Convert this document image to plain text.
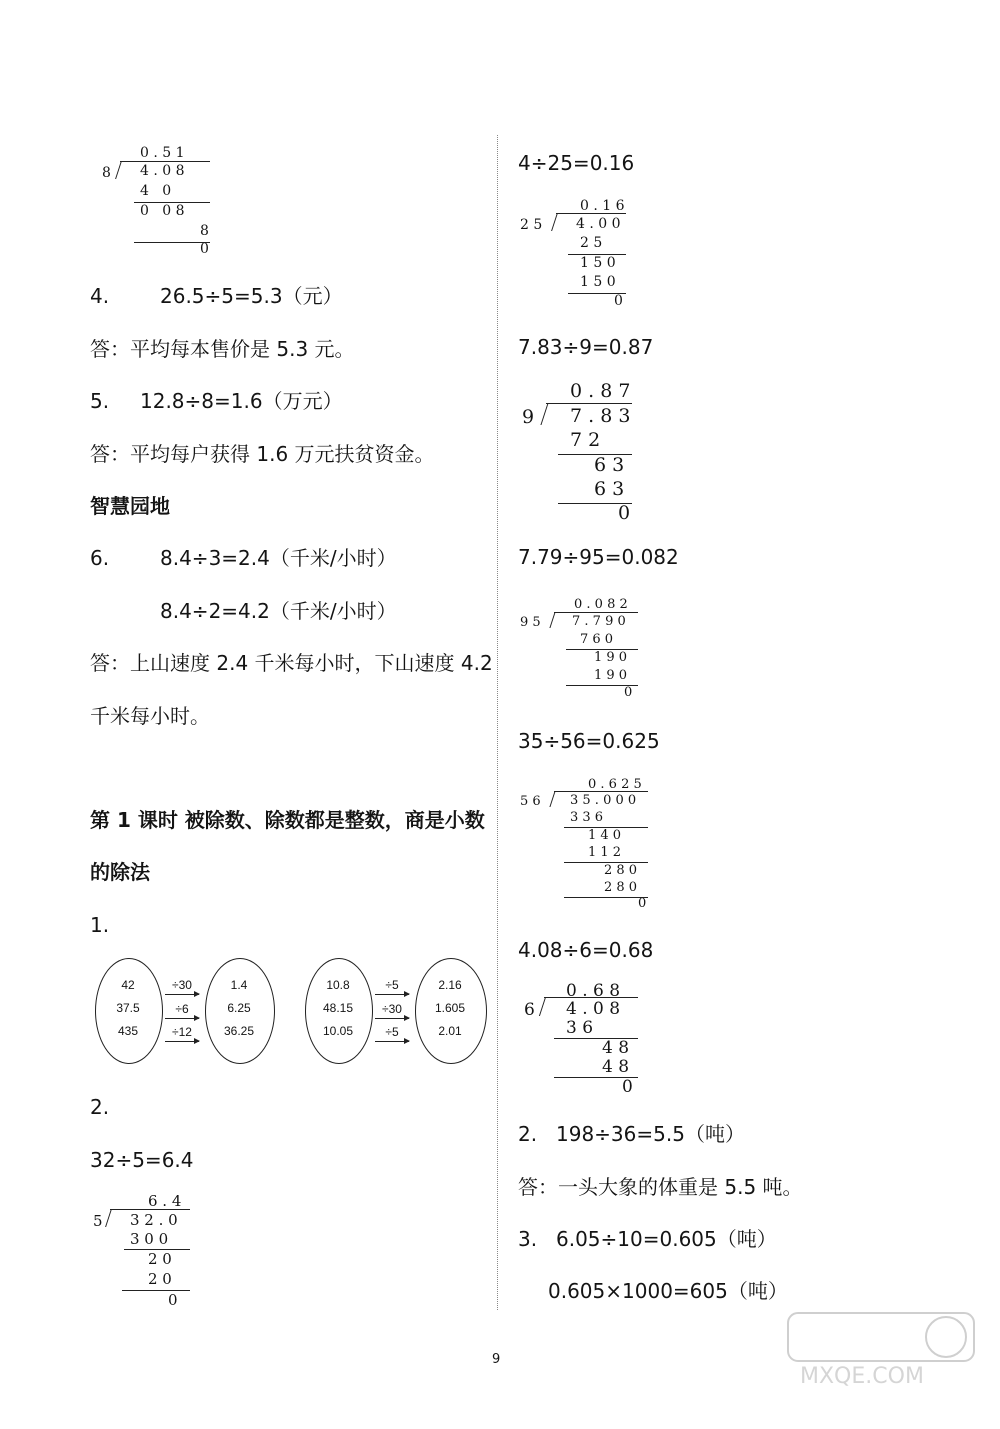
0 . 5 1
8 4 . 0 8
4   0
0   0 8
8
0
4.	26.5÷5=5.3（元）
答：平均每本售价是 5.3 元。
5. 12.8÷8=1.6（万元）
答：平均每户获得 1.6 万元扶贫资金。
智慧园地
6.	8.4÷3=2.4（千米/小时）
8.4÷2=4.2（千米/小时）
答：上山速度 2.4 千米每小时，下山速度 4.2
千米每小时。
第 1 课时 被除数、除数都是整数，商是小数
的除法
1.
42
37.5
435
÷30
÷6
÷12
1.4
6.25
36.25
10.8
48.15
10.05
÷5
÷30
÷5
2.16
1.605
2.01
2.
32÷5=6.4
6 . 4
5 3 2 . 0
3 0 0
2 0
2 0
0
4÷25=0.16
0 . 1 6
2 5 4 . 0 0
2 5
1 5 0
1 5 0
0
7.83÷9=0.87
0 . 8 7
9 7 . 8 3
7 2
6 3
6 3
0
7.79÷95=0.082
0 . 0 8 2
9 5 7 . 7 9 0
7 6 0
1 9 0
1 9 0
0
35÷56=0.625
0 . 6 2 5
5 6 3 5 . 0 0 0
3 3 6
1 4 0
1 1 2
2 8 0
2 8 0
0
4.08÷6=0.68
0 . 6 8
6 4 . 0 8
3 6
4 8
4 8
0
2. 198÷36=5.5（吨）
答：一头大象的体重是 5.5 吨。
3. 6.05÷10=0.605（吨）
0.605×1000=605（吨）
9
MXQE.COM
